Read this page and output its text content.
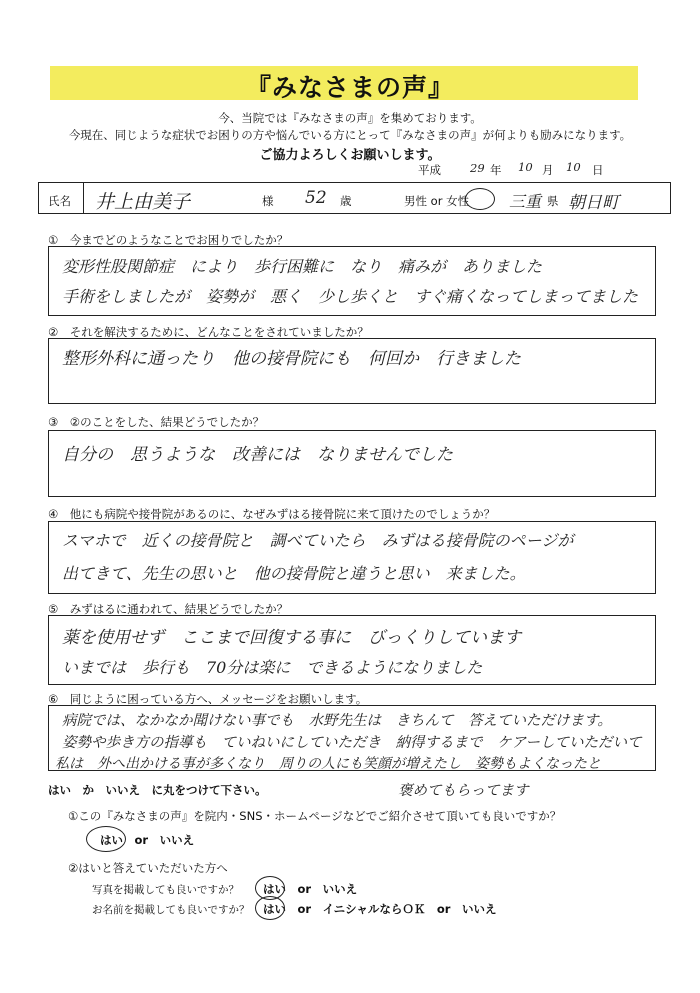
『みなさまの声』
今、当院では『みなさまの声』を集めております。
今現在、同じような症状でお困りの方や悩んでいる方にとって『みなさまの声』が何よりも励みになります。
ご協力よろしくお願いします。
平成	29 年 10 月 10 日
氏名 井上由美子	様 52 歳	男性 or 女性 三重 県 朝日町
①　今までどのようなことでお困りでしたか？
変形性股関節症　により　歩行困難に　なり　痛みが　ありました
手術をしましたが　姿勢が　悪く　少し歩くと　すぐ痛くなってしまってました
②　それを解決するために、どんなことをされていましたか？
整形外科に通ったり　他の接骨院にも　何回か　行きました
③　②のことをした、結果どうでしたか？
自分の　思うような　改善には　なりませんでした
④　他にも病院や接骨院があるのに、なぜみずはる接骨院に来て頂けたのでしょうか？
スマホで　近くの接骨院と　調べていたら　みずはる接骨院のページが
出てきて、先生の思いと　他の接骨院と違うと思い　来ました。
⑤　みずはるに通われて、結果どうでしたか？
薬を使用せず　ここまで回復する事に　びっくりしています
いまでは　歩行も　70分は楽に　できるようになりました
⑥　同じように困っている方へ、メッセージをお願いします。
病院では、なかなか聞けない事でも　水野先生は　きちんて　答えていただけます。
姿勢や歩き方の指導も　ていねいにしていただき　納得するまで　ケアーしていただいて
私は　外へ出かける事が多くなり　周りの人にも笑顔が増えたし　姿勢もよくなったと
褒めてもらってます
はい　か　いいえ　に丸をつけて下さい。
①この『みなさまの声』を院内・SNS・ホームページなどでご紹介させて頂いても良いですか？
はい　or　いいえ
②はいと答えていただいた方へ
写真を掲載しても良いですか？ はい　or　いいえ
お名前を掲載しても良いですか？ はい　or　イニシャルならＯＫ　or　いいえ
